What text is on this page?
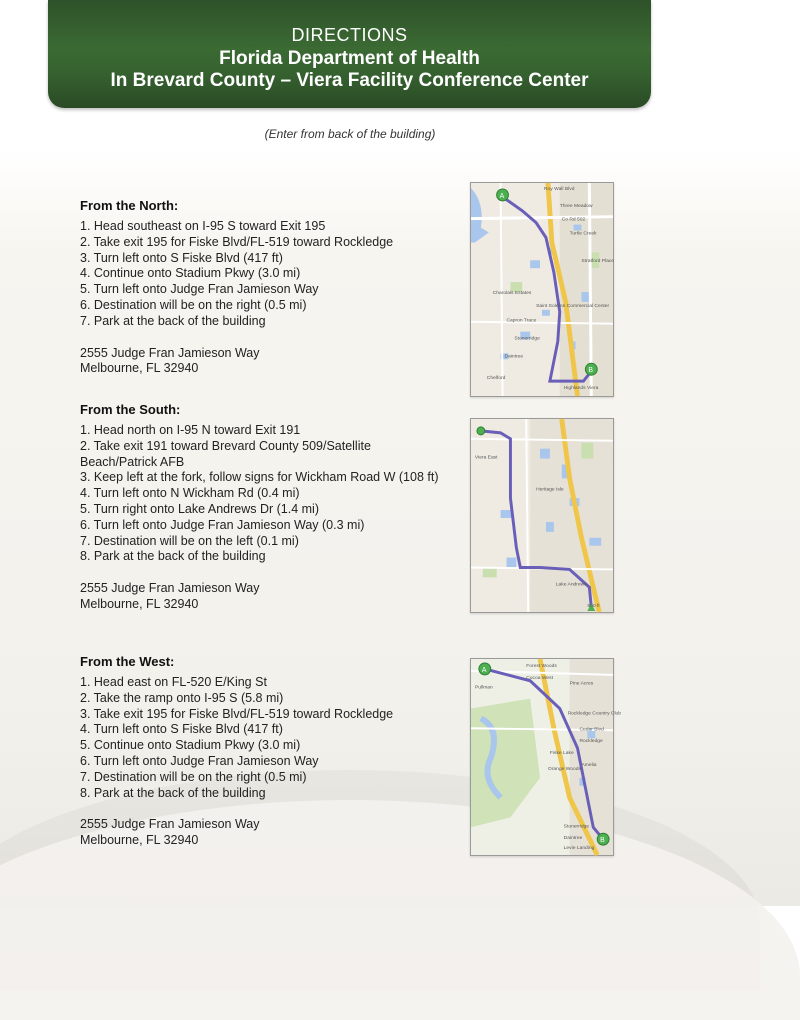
DIRECTIONS
Florida Department of Health
In Brevard County – Viera Facility Conference Center
(Enter from back of the building)
From the North:
1. Head southeast on I-95 S toward Exit 195
2. Take exit 195 for Fiske Blvd/FL-519 toward Rockledge
3. Turn left onto S Fiske Blvd (417 ft)
4. Continue onto Stadium Pkwy (3.0 mi)
5. Turn left onto Judge Fran Jamieson Way
6. Destination will be on the right (0.5 mi)
7. Park at the back of the building
2555 Judge Fran Jamieson Way
Melbourne, FL 32940
From the South:
1. Head north on I-95 N toward Exit 191
2. Take exit 191 toward Brevard County 509/Satellite Beach/Patrick AFB
3. Keep left at the fork, follow signs for Wickham Road W (108 ft)
4. Turn left onto N Wickham Rd (0.4 mi)
5. Turn right onto Lake Andrews Dr (1.4 mi)
6. Turn left onto Judge Fran Jamieson Way (0.3 mi)
7. Destination will be on the left (0.1 mi)
8. Park at the back of the building
2555 Judge Fran Jamieson Way
Melbourne, FL 32940
From the West:
1. Head east on FL-520 E/King St
2. Take the ramp onto I-95 S (5.8 mi)
3. Take exit 195 for Fiske Blvd/FL-519 toward Rockledge
4. Turn left onto S Fiske Blvd (417 ft)
5. Continue onto Stadium Pkwy (3.0 mi)
6. Turn left onto Judge Fran Jamieson Way
7. Destination will be on the right (0.5 mi)
8. Park at the back of the building
2555 Judge Fran Jamieson Way
Melbourne, FL 32940
A
B
Roy Wall Blvd
Three Meadow
Co Rd 502
Turtle Creek
Stratford Place
Charolais Estates
Saint Solemn Commercial Center
Capron Trace
Stonerridge
Daintree
Chelford
Highlands Viera
Viera East
Heritage Isle
Lake Andrews
500 ft
A
B
Forest Woods
Cocoa West
Pine Acres
Rockledge Country Club
Cedar Blvd
Rockledge
Fiske Lake
Orange Woods
Amelia
Stonerridge
Daintree
Levie Landing
Pullman
